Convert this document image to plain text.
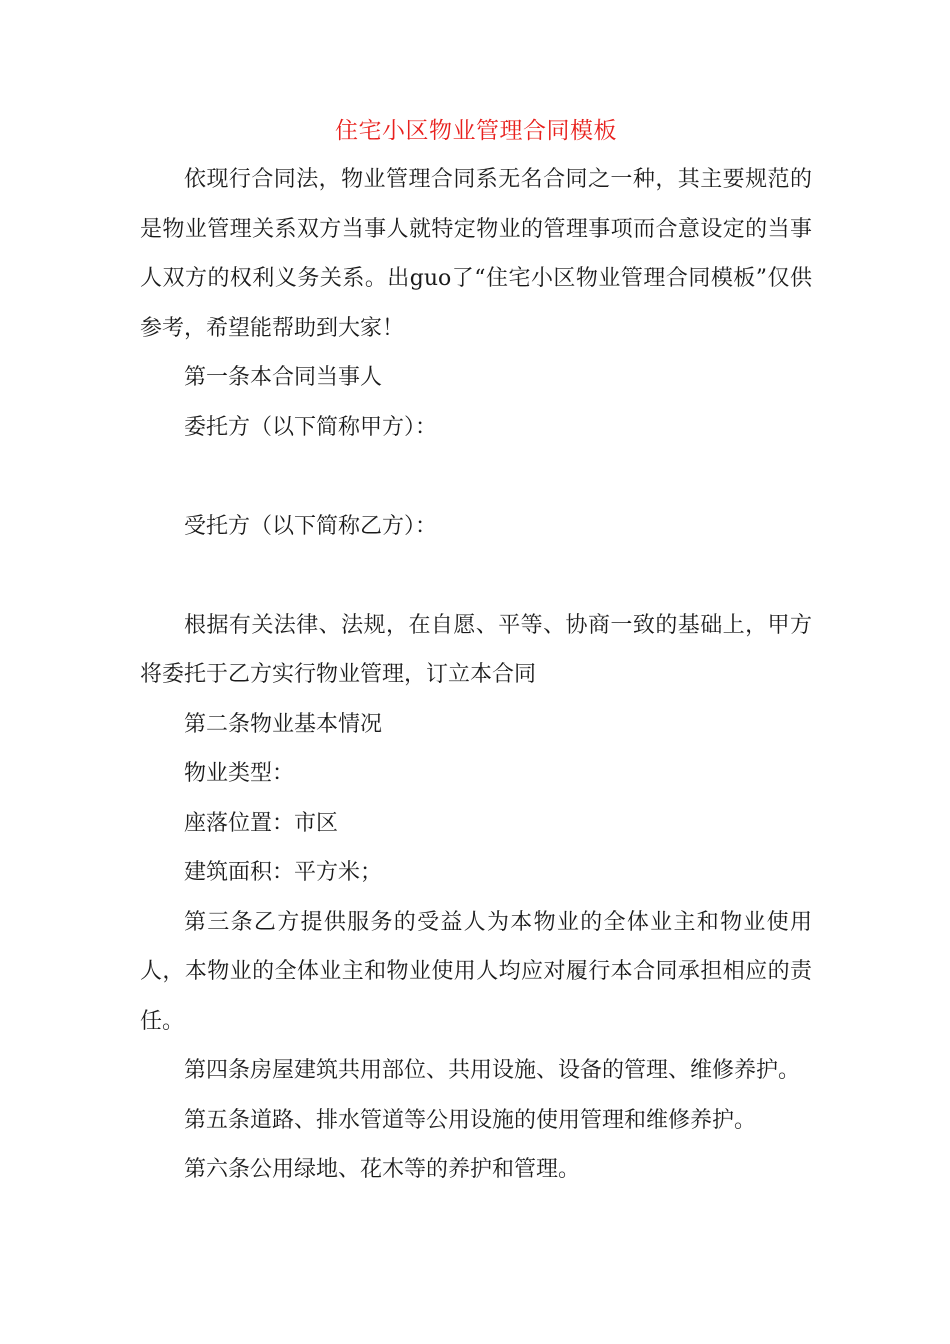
住宅小区物业管理合同模板

依现行合同法，物业管理合同系无名合同之一种，其主要规范的是物业管理关系双方当事人就特定物业的管理事项而合意设定的当事人双方的权利义务关系。出guo了“住宅小区物业管理合同模板”仅供参考，希望能帮助到大家！

第一条本合同当事人

委托方（以下简称甲方）：

受托方（以下简称乙方）：

根据有关法律、法规，在自愿、平等、协商一致的基础上，甲方将委托于乙方实行物业管理，订立本合同

第二条物业基本情况

物业类型：

座落位置：市区

建筑面积：平方米；

第三条乙方提供服务的受益人为本物业的全体业主和物业使用人，本物业的全体业主和物业使用人均应对履行本合同承担相应的责任。

第四条房屋建筑共用部位、共用设施、设备的管理、维修养护。

第五条道路、排水管道等公用设施的使用管理和维修养护。

第六条公用绿地、花木等的养护和管理。
